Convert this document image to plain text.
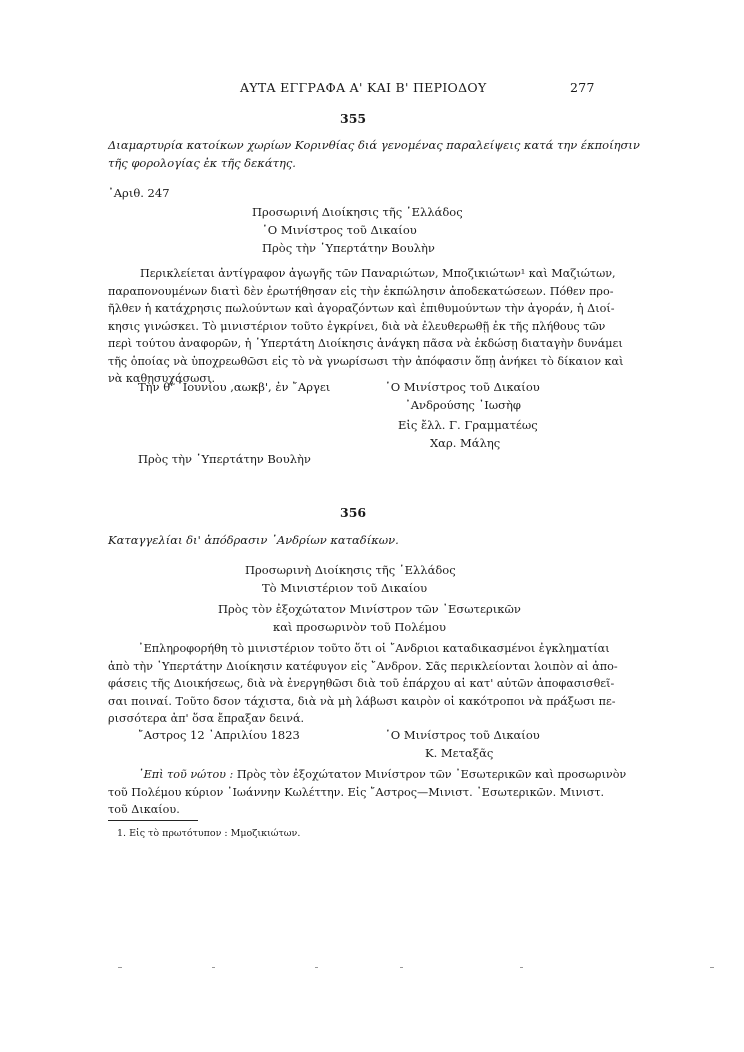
ΑΥΤΑ ΕΓΓΡΑΦΑ Α' ΚΑΙ Β' ΠΕΡΙΟΔΟΥ	277
355
Διαμαρτυρία κατοίκων χωρίων Κορινθίας διά γενομένας παραλείψεις κατά την έκποίησιν
τῆς φορολογίας ἐκ τῆς δεκάτης.
᾿Αριθ. 247
Προσωρινή Διοίκησις τῆς ῾Ελλάδος
῾Ο Μινίστρος τοῦ Δικαίου
Πρὸς τὴν ῾Υπερτάτην Βουλὴν

Περικλείεται ἀντίγραφον ἀγωγῆς τῶν Παναριώτων, Μποζικιώτων¹ καὶ Μαζιώτων,

παραπονουμένων διατὶ δὲν ἐρωτήθησαν εἰς τὴν ἐκπώλησιν ἀποδεκατώσεων. Πόθεν προ-

ῆλθεν ἡ κατάχρησις πωλούντων καὶ ἀγοραζόντων καὶ ἐπιθυμούντων τὴν ἀγοράν, ἡ Διοί-

κησις γινώσκει. Τὸ μινιστέριον τοῦτο ἐγκρίνει, διὰ νὰ ἐλευθερωθῇ ἐκ τῆς πλήθους τῶν

περὶ τούτου ἀναφορῶν, ἡ ῾Υπερτάτη Διοίκησις ἀνάγκη πᾶσα νὰ ἐκδώσῃ διαταγὴν δυνάμει

τῆς ὁποίας νὰ ὑποχρεωθῶσι εἰς τὸ νὰ γνωρίσωσι τὴν ἀπόφασιν ὅπῃ ἀνήκει τὸ δίκαιον καὶ

νὰ καθησυχάσωσι.

Τὴν θ' ᾿Ιουνίου ,αωκβ', ἐν ῎Αργει	῾Ο Μινίστρος τοῦ Δικαίου
᾿Ανδρούσης ᾿Ιωσὴφ
Εἰς ἔλλ. Γ. Γραμματέως
Χαρ. Μάλης
Πρὸς τὴν ῾Υπερτάτην Βουλὴν
356
Καταγγελίαι δι' ἀπόδρασιν ᾿Ανδρίων καταδίκων.
Προσωρινὴ Διοίκησις τῆς ῾Ελλάδος
Τὸ Μινιστέριον τοῦ Δικαίου
Πρὸς τὸν ἐξοχώτατον Μινίστρον τῶν ᾿Εσωτερικῶν
καὶ προσωρινὸν τοῦ Πολέμου

᾿Επληροφορήθη τὸ μινιστέριον τοῦτο ὅτι οἱ ῎Ανδριοι καταδικασμένοι ἐγκληματίαι

ἀπὸ τὴν ῾Υπερτάτην Διοίκησιν κατέφυγον εἰς ῎Ανδρον. Σᾶς περικλείονται λοιπὸν αἱ ἀπο-

φάσεις τῆς Διοικήσεως, διὰ νὰ ἐνεργηθῶσι διὰ τοῦ ἐπάρχου αἱ κατ' αὐτῶν ἀποφασισθεῖ-

σαι ποιναί. Τοῦτο δσον τάχιστα, διὰ νὰ μὴ λάβωσι καιρὸν οἱ κακότροποι νὰ πράξωσι πε-

ρισσότερα ἀπ' ὅσα ἔπραξαν δεινά.

῎Αστρος 12 ᾿Απριλίου 1823	῾Ο Μινίστρος τοῦ Δικαίου
Κ. Μεταξᾶς

᾿Επὶ τοῦ νώτου : Πρὸς τὸν ἐξοχώτατον Μινίστρον τῶν ᾿Εσωτερικῶν καὶ προσωρινὸν

τοῦ Πολέμου κύριον ᾿Ιωάννην Κωλέττην. Εἰς ῎Αστρος—Μινιστ. ᾿Εσωτερικῶν. Μινιστ.

τοῦ Δικαίου.

1. Εἰς τὸ πρωτότυπον : Μμοζικιώτων.
